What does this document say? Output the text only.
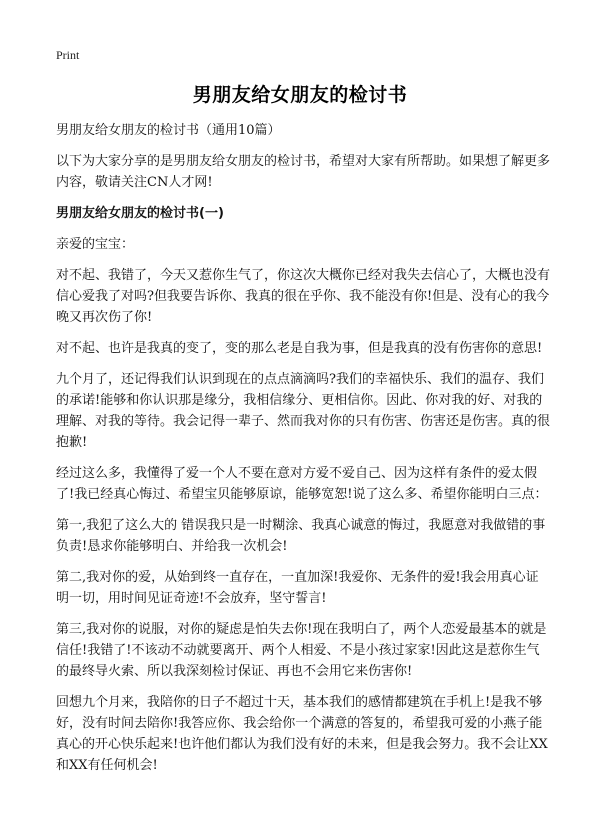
Print
男朋友给女朋友的检讨书

男朋友给女朋友的检讨书（通用10篇）

以下为大家分享的是男朋友给女朋友的检讨书，希望对大家有所帮助。如果想了解更多内容，敬请关注CN人才网!

男朋友给女朋友的检讨书(一)

亲爱的宝宝：

对不起、我错了，今天又惹你生气了，你这次大概你已经对我失去信心了，大概也没有信心爱我了对吗?但我要告诉你、我真的很在乎你、我不能没有你!但是、没有心的我今晚又再次伤了你!

对不起、也许是我真的变了，变的那么老是自我为事，但是我真的没有伤害你的意思!

九个月了，还记得我们认识到现在的点点滴滴吗?我们的幸福快乐、我们的温存、我们的承诺!能够和你认识那是缘分，我相信缘分、更相信你。因此、你对我的好、对我的理解、对我的等待。我会记得一辈子、然而我对你的只有伤害、伤害还是伤害。真的很抱歉!

经过这么多，我懂得了爱一个人不要在意对方爱不爱自己、因为这样有条件的爱太假了!我已经真心悔过、希望宝贝能够原谅，能够宽恕!说了这么多、希望你能明白三点：

第一,我犯了这么大的 错误我只是一时糊涂、我真心诚意的悔过，我愿意对我做错的事负责!恳求你能够明白、并给我一次机会!

第二,我对你的爱，从始到终一直存在，一直加深!我爱你、无条件的爱!我会用真心证明一切，用时间见证奇迹!不会放弃，坚守誓言!

第三,我对你的说服，对你的疑虑是怕失去你!现在我明白了，两个人恋爱最基本的就是信任!我错了!不该动不动就要离开、两个人相爱、不是小孩过家家!因此这是惹你生气的最终导火索、所以我深刻检讨保证、再也不会用它来伤害你!

回想九个月来，我陪你的日子不超过十天，基本我们的感情都建筑在手机上!是我不够好，没有时间去陪你!我答应你、我会给你一个满意的答复的，希望我可爱的小燕子能真心的开心快乐起来!也许他们都认为我们没有好的未来，但是我会努力。我不会让XX和XX有任何机会!
